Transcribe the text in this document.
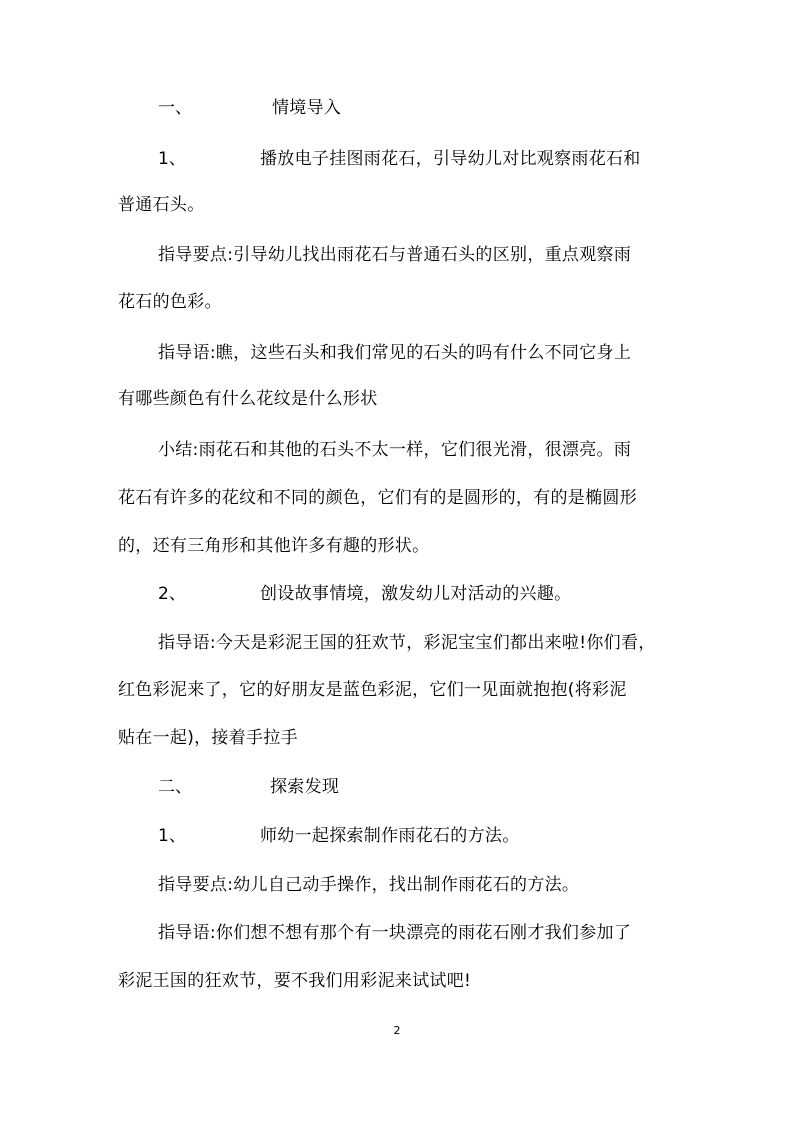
一、	情境导入
1、	播放电子挂图雨花石，引导幼儿对比观察雨花石和
普通石头。
指导要点:引导幼儿找出雨花石与普通石头的区别，重点观察雨
花石的色彩。
指导语:瞧，这些石头和我们常见的石头的吗有什么不同它身上
有哪些颜色有什么花纹是什么形状
小结:雨花石和其他的石头不太一样，它们很光滑，很漂亮。雨
花石有许多的花纹和不同的颜色，它们有的是圆形的，有的是椭圆形
的，还有三角形和其他许多有趣的形状。
2、	创设故事情境，激发幼儿对活动的兴趣。
指导语:今天是彩泥王国的狂欢节，彩泥宝宝们都出来啦!你们看，
红色彩泥来了，它的好朋友是蓝色彩泥，它们一见面就抱抱(将彩泥
贴在一起)，接着手拉手
二、	探索发现
1、	师幼一起探索制作雨花石的方法。
指导要点:幼儿自己动手操作，找出制作雨花石的方法。
指导语:你们想不想有那个有一块漂亮的雨花石刚才我们参加了
彩泥王国的狂欢节，要不我们用彩泥来试试吧!
2
